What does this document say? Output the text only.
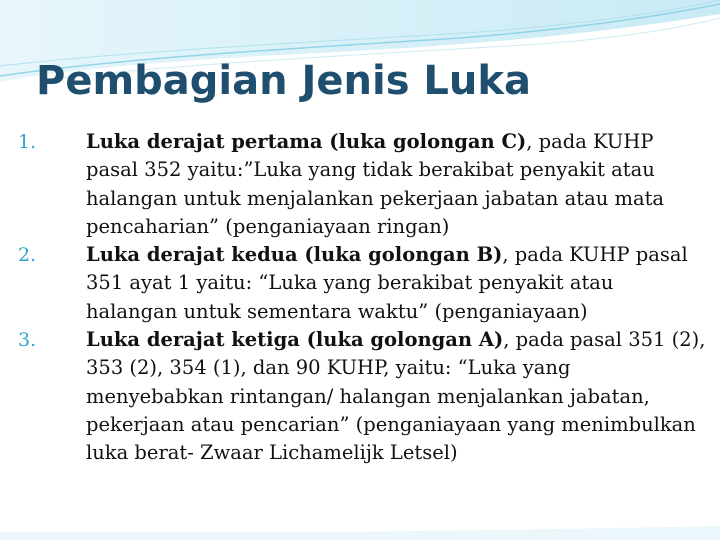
Pembagian Jenis Luka
1.	Luka derajat pertama (luka golongan C), pada KUHP pasal 352 yaitu:”Luka yang tidak berakibat penyakit atau halangan untuk menjalankan pekerjaan jabatan atau mata pencaharian” (penganiayaan ringan)
2.	Luka derajat kedua (luka golongan B), pada KUHP pasal 351 ayat 1 yaitu: “Luka yang berakibat penyakit atau halangan untuk sementara waktu” (penganiayaan)
3.	Luka derajat ketiga (luka golongan A), pada pasal 351 (2), 353 (2), 354 (1), dan 90 KUHP, yaitu: “Luka yang menyebabkan rintangan/ halangan menjalankan jabatan, pekerjaan atau pencarian” (penganiayaan yang menimbulkan luka berat- Zwaar Lichamelijk Letsel)
